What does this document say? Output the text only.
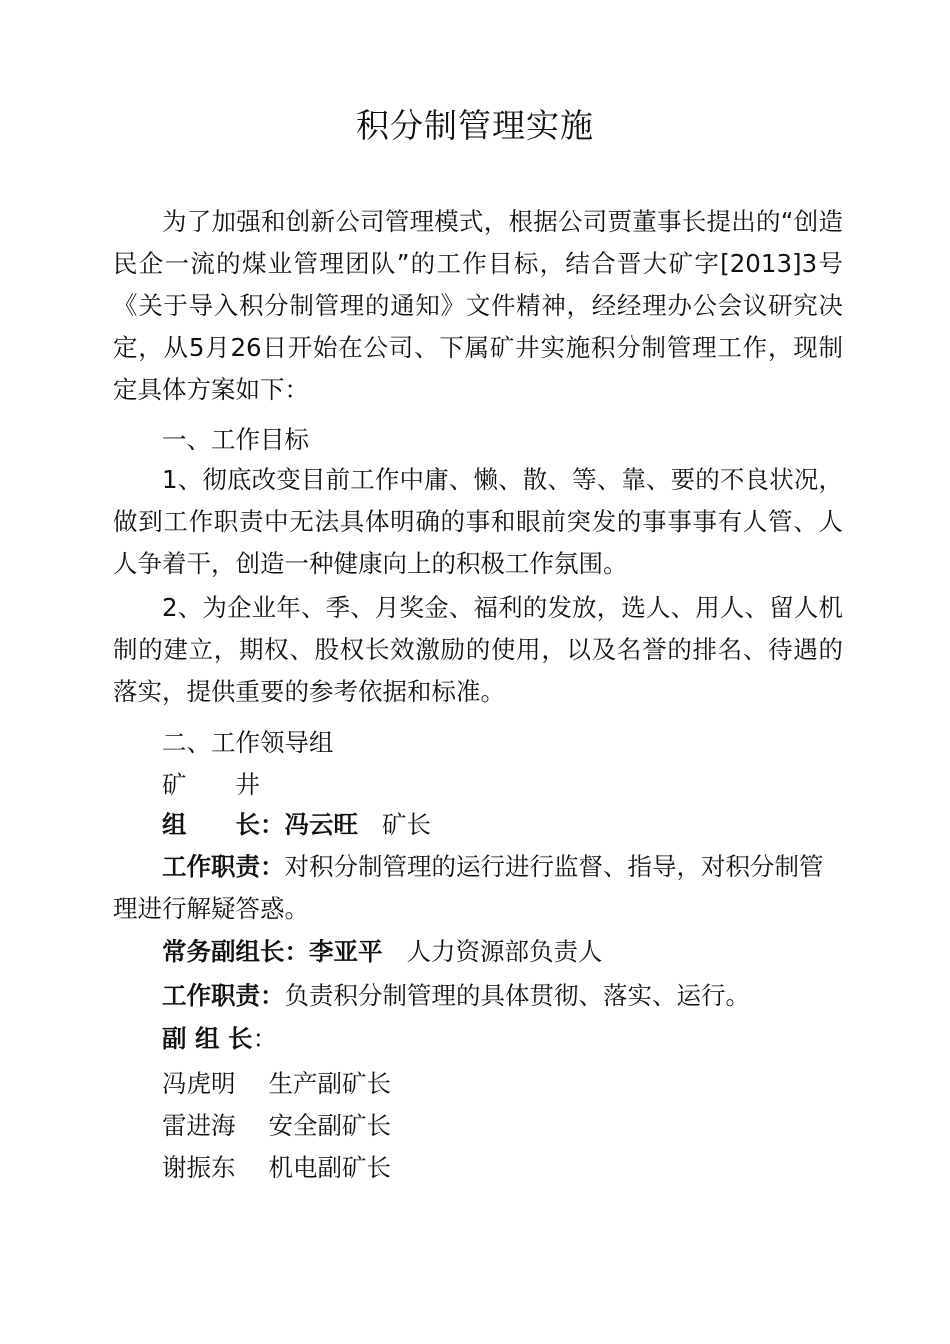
积分制管理实施

为了加强和创新公司管理模式，根据公司贾董事长提出的“创造民企一流的煤业管理团队”的工作目标，结合晋大矿字[2013]3号《关于导入积分制管理的通知》文件精神，经经理办公会议研究决定，从5月26日开始在公司、下属矿井实施积分制管理工作，现制定具体方案如下：

一、工作目标

1、彻底改变目前工作中庸、懒、散、等、靠、要的不良状况，做到工作职责中无法具体明确的事和眼前突发的事事事有人管、人人争着干，创造一种健康向上的积极工作氛围。

2、为企业年、季、月奖金、福利的发放，选人、用人、留人机制的建立，期权、股权长效激励的使用，以及名誉的排名、待遇的落实，提供重要的参考依据和标准。

二、工作领导组

矿　　井

组　　长：冯云旺 矿长

工作职责：对积分制管理的运行进行监督、指导，对积分制管理进行解疑答惑。

常务副组长：李亚平 人力资源部负责人

工作职责：负责积分制管理的具体贯彻、落实、运行。

副 组 长：

冯虎明 生产副矿长

雷进海 安全副矿长

谢振东 机电副矿长
